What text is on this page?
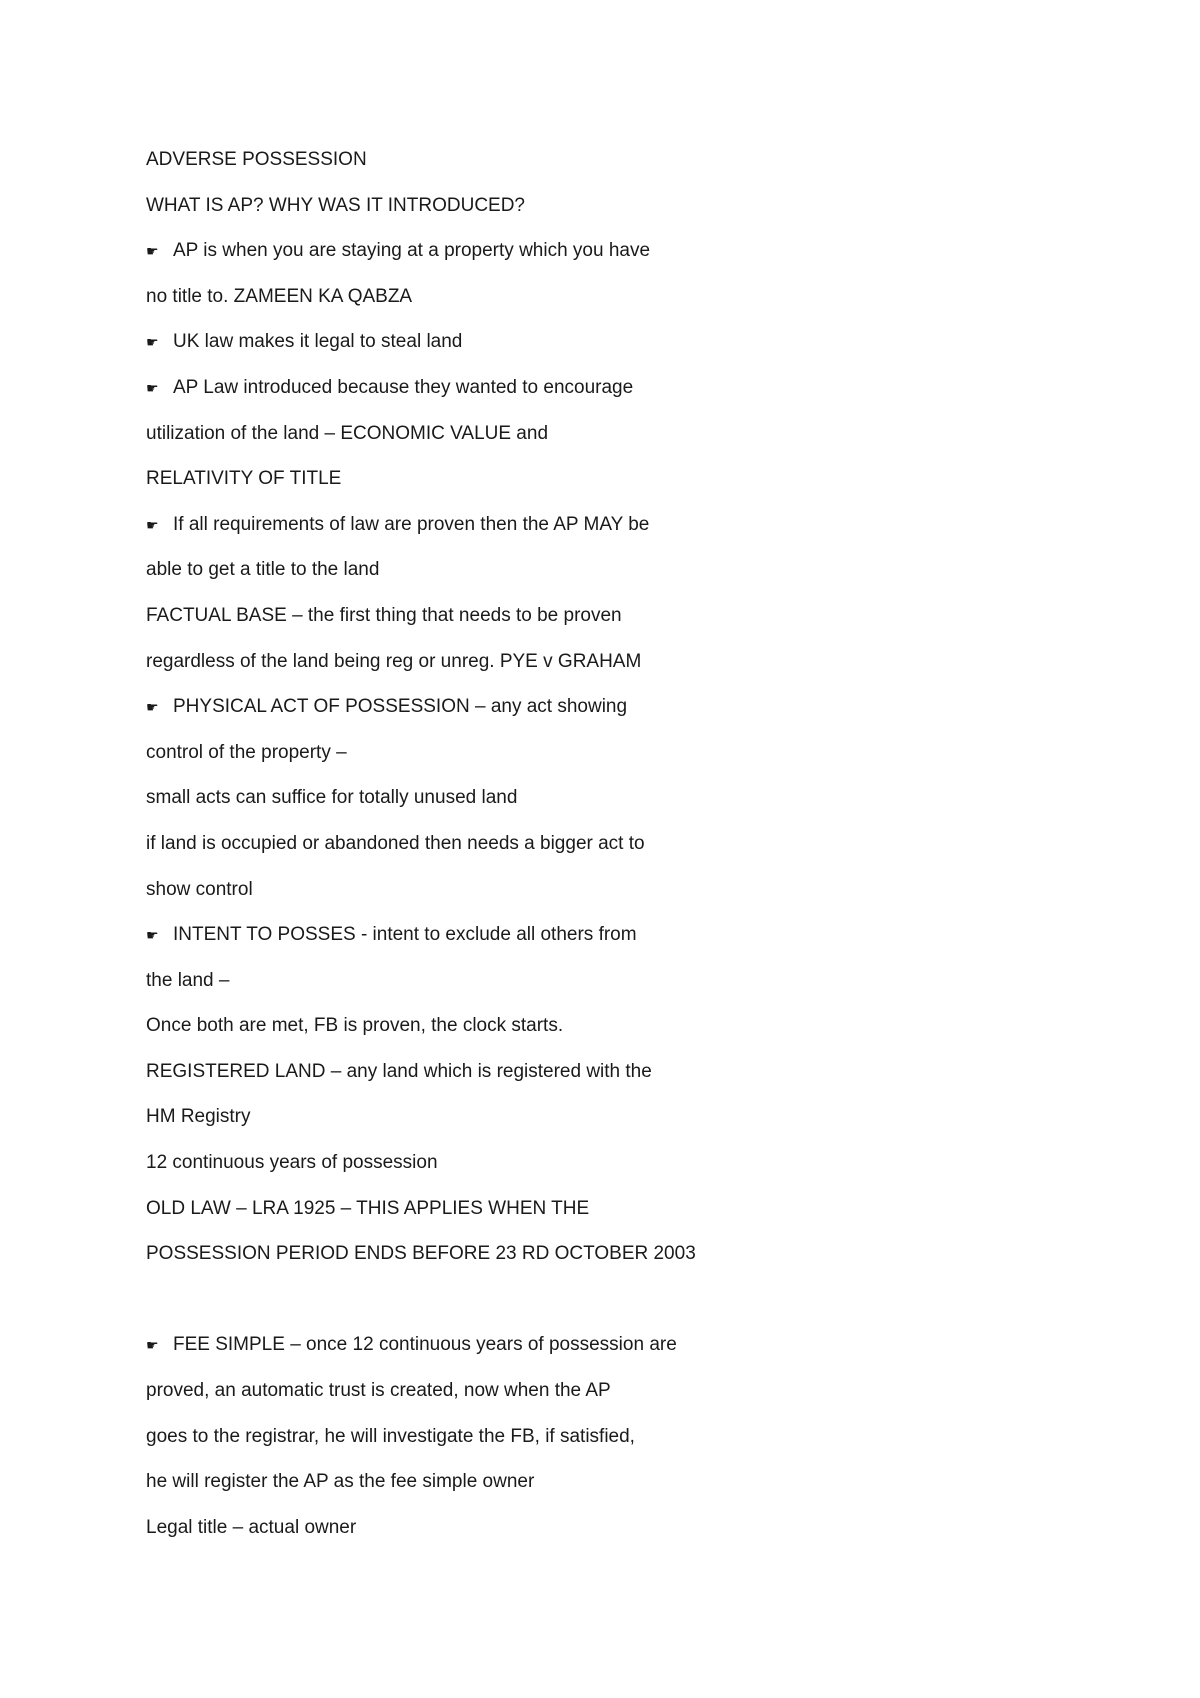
ADVERSE POSSESSION
WHAT IS AP? WHY WAS IT INTRODUCED?
☛ AP is when you are staying at a property which you have
no title to. ZAMEEN KA QABZA
☛ UK law makes it legal to steal land
☛ AP Law introduced because they wanted to encourage
utilization of the land – ECONOMIC VALUE and
RELATIVITY OF TITLE
☛ If all requirements of law are proven then the AP MAY be
able to get a title to the land
FACTUAL BASE – the first thing that needs to be proven
regardless of the land being reg or unreg. PYE v GRAHAM
☛ PHYSICAL ACT OF POSSESSION – any act showing
control of the property –
small acts can suffice for totally unused land
if land is occupied or abandoned then needs a bigger act to
show control
☛ INTENT TO POSSES - intent to exclude all others from
the land –
Once both are met, FB is proven, the clock starts.
REGISTERED LAND – any land which is registered with the
HM Registry
12 continuous years of possession
OLD LAW – LRA 1925 – THIS APPLIES WHEN THE
POSSESSION PERIOD ENDS BEFORE 23 RD OCTOBER 2003
☛ FEE SIMPLE – once 12 continuous years of possession are
proved, an automatic trust is created, now when the AP
goes to the registrar, he will investigate the FB, if satisfied,
he will register the AP as the fee simple owner
Legal title – actual owner
